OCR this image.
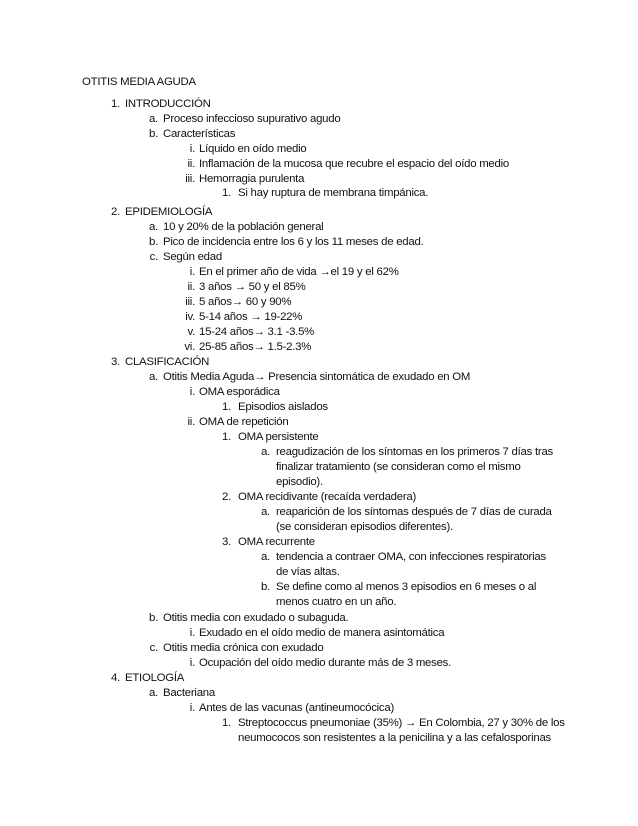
OTITIS MEDIA AGUDA
1. INTRODUCCIÓN
a. Proceso infeccioso supurativo agudo
b. Características
i. Líquido en oído medio
ii. Inflamación de la mucosa que recubre el espacio del oído medio
iii. Hemorragia purulenta
1. Si hay ruptura de membrana timpánica.
2. EPIDEMIOLOGÍA
a. 10 y 20% de la población general
b. Pico de incidencia entre los 6 y los 11 meses de edad.
c. Según edad
i. En el primer año de vida →el 19 y el 62%
ii. 3 años → 50 y el 85%
iii. 5 años→ 60 y 90%
iv. 5-14 años → 19-22%
v. 15-24 años→ 3.1 -3.5%
vi. 25-85 años→ 1.5-2.3%
3. CLASIFICACIÓN
a. Otitis Media Aguda→ Presencia sintomática de exudado en OM
i. OMA esporádica
1. Episodios aislados
ii. OMA de repetición
1. OMA persistente
a. reagudización de los síntomas en los primeros 7 días tras
finalizar tratamiento (se consideran como el mismo
episodio).
2. OMA recidivante (recaída verdadera)
a. reaparición de los síntomas después de 7 días de curada
(se consideran episodios diferentes).
3. OMA recurrente
a. tendencia a contraer OMA, con infecciones respiratorias
de vías altas.
b. Se define como al menos 3 episodios en 6 meses o al
menos cuatro en un año.
b. Otitis media con exudado o subaguda.
i. Exudado en el oído medio de manera asintomática
c. Otitis media crónica con exudado
i. Ocupación del oído medio durante más de 3 meses.
4. ETIOLOGÍA
a. Bacteriana
i. Antes de las vacunas (antineumocócica)
1. Streptococcus pneumoniae (35%) → En Colombia, 27 y 30% de los
neumococos son resistentes a la penicilina y a las cefalosporinas
